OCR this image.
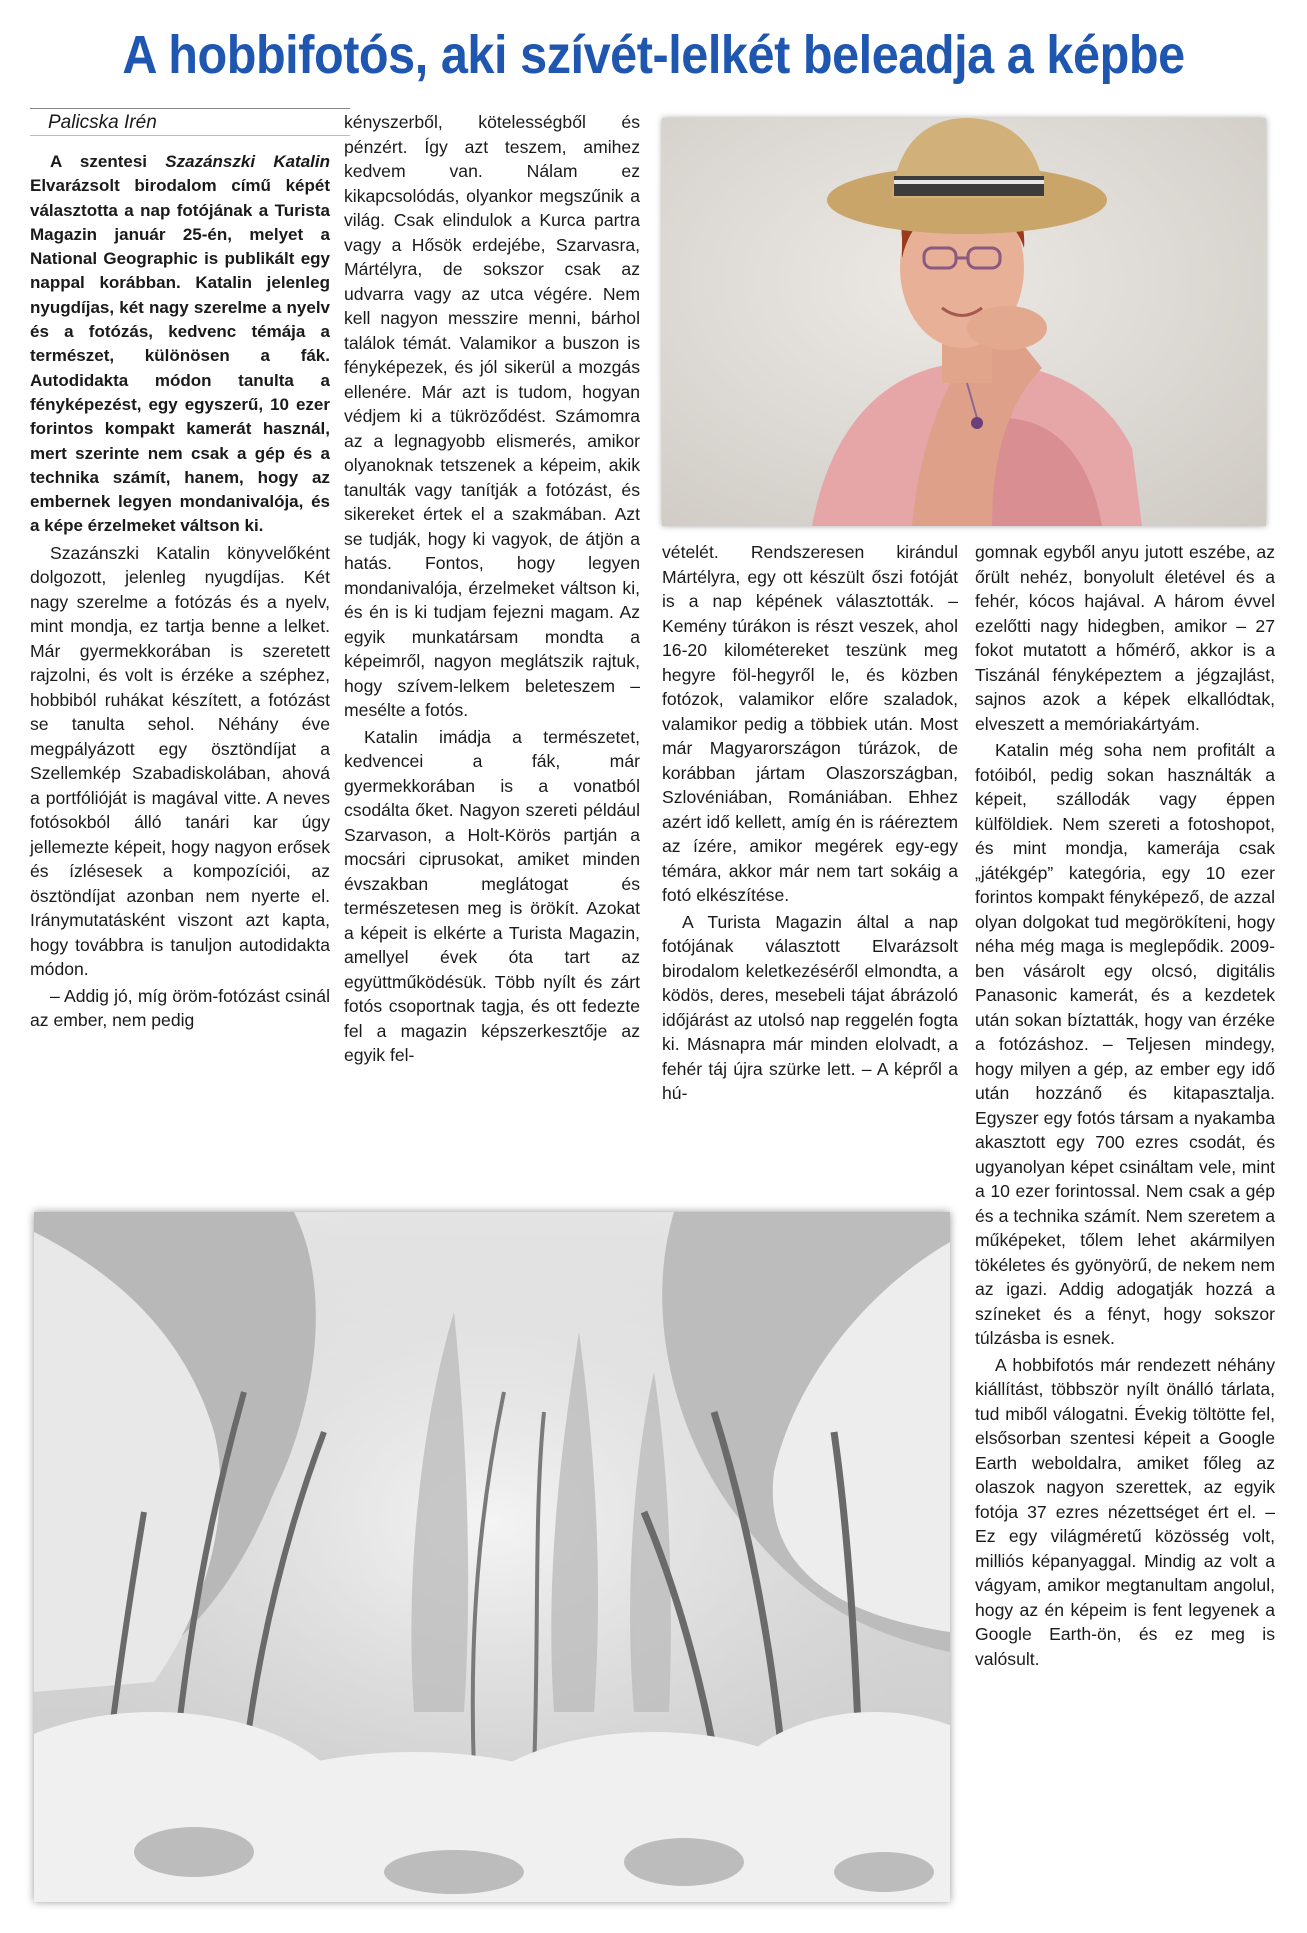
A hobbifotós, aki szívét-lelkét beleadja a képbe
Palicska Irén

A szentesi Szazánszki Katalin Elvarázsolt birodalom című képét választotta a nap fotójának a Turista Magazin január 25-én, melyet a National Geographic is publikált egy nappal korábban. Katalin jelenleg nyugdíjas, két nagy szerelme a nyelv és a fotózás, kedvenc témája a természet, különösen a fák. Autodidakta módon tanulta a fényképezést, egy egyszerű, 10 ezer forintos kompakt kamerát használ, mert szerinte nem csak a gép és a technika számít, hanem, hogy az embernek legyen mondanivalója, és a képe érzelmeket váltson ki.

Szazánszki Katalin könyvelőként dolgozott, jelenleg nyugdíjas. Két nagy szerelme a fotózás és a nyelv, mint mondja, ez tartja benne a lelket. Már gyermekkorában is szeretett rajzolni, és volt is érzéke a széphez, hobbiból ruhákat készített, a fotózást se tanulta sehol. Néhány éve megpályázott egy ösztöndíjat a Szellemkép Szabadiskolában, ahová a portfólióját is magával vitte. A neves fotósokból álló tanári kar úgy jellemezte képeit, hogy nagyon erősek és ízlésesek a kompozíciói, az ösztöndíjat azonban nem nyerte el. Iránymutatásként viszont azt kapta, hogy továbbra is tanuljon autodidakta módon.

– Addig jó, míg öröm-fotózást csinál az ember, nem pedig

kényszerből, kötelességből és pénzért. Így azt teszem, amihez kedvem van. Nálam ez kikapcsolódás, olyankor megszűnik a világ. Csak elindulok a Kurca partra vagy a Hősök erdejébe, Szarvasra, Mártélyra, de sokszor csak az udvarra vagy az utca végére. Nem kell nagyon messzire menni, bárhol találok témát. Valamikor a buszon is fényképezek, és jól sikerül a mozgás ellenére. Már azt is tudom, hogyan védjem ki a tükröződést. Számomra az a legnagyobb elismerés, amikor olyanoknak tetszenek a képeim, akik tanulták vagy tanítják a fotózást, és sikereket értek el a szakmában. Azt se tudják, hogy ki vagyok, de átjön a hatás. Fontos, hogy legyen mondanivalója, érzelmeket váltson ki, és én is ki tudjam fejezni magam. Az egyik munkatársam mondta a képeimről, nagyon meglátszik rajtuk, hogy szívem-lelkem beleteszem – mesélte a fotós.

Katalin imádja a természetet, kedvencei a fák, már gyermekkorában is a vonatból csodálta őket. Nagyon szereti például Szarvason, a Holt-Körös partján a mocsári ciprusokat, amiket minden évszakban meglátogat és természetesen meg is örökít. Azokat a képeit is elkérte a Turista Magazin, amellyel évek óta tart az együttműködésük. Több nyílt és zárt fotós csoportnak tagja, és ott fedezte fel a magazin képszerkesztője az egyik fel-

vételét. Rendszeresen kirándul Mártélyra, egy ott készült őszi fotóját is a nap képének választották. – Kemény túrákon is részt veszek, ahol 16-20 kilométereket teszünk meg hegyre föl-hegyről le, és közben fotózok, valamikor előre szaladok, valamikor pedig a többiek után. Most már Magyarországon túrázok, de korábban jártam Olaszországban, Szlovéniában, Romániában. Ehhez azért idő kellett, amíg én is ráéreztem az ízére, amikor megérek egy-egy témára, akkor már nem tart sokáig a fotó elkészítése.

A Turista Magazin által a nap fotójának választott Elvarázsolt birodalom keletkezéséről elmondta, a ködös, deres, mesebeli tájat ábrázoló időjárást az utolsó nap reggelén fogta ki. Másnapra már minden elolvadt, a fehér táj újra szürke lett. – A képről a hú-

gomnak egyből anyu jutott eszébe, az őrült nehéz, bonyolult életével és a fehér, kócos hajával. A három évvel ezelőtti nagy hidegben, amikor – 27 fokot mutatott a hőmérő, akkor is a Tiszánál fényképeztem a jégzajlást, sajnos azok a képek elkallódtak, elveszett a memóriakártyám.

Katalin még soha nem profitált a fotóiból, pedig sokan használták a képeit, szállodák vagy éppen külföldiek. Nem szereti a fotoshopot, és mint mondja, kamerája csak „játékgép” kategória, egy 10 ezer forintos kompakt fényképező, de azzal olyan dolgokat tud megörökíteni, hogy néha még maga is meglepődik. 2009-ben vásárolt egy olcsó, digitális Panasonic kamerát, és a kezdetek után sokan bíztatták, hogy van érzéke a fotózáshoz. – Teljesen mindegy, hogy milyen a gép, az ember egy idő után hozzánő és kitapasztalja. Egyszer egy fotós társam a nyakamba akasztott egy 700 ezres csodát, és ugyanolyan képet csináltam vele, mint a 10 ezer forintossal. Nem csak a gép és a technika számít. Nem szeretem a műképeket, tőlem lehet akármilyen tökéletes és gyönyörű, de nekem nem az igazi. Addig adogatják hozzá a színeket és a fényt, hogy sokszor túlzásba is esnek.

A hobbifotós már rendezett néhány kiállítást, többször nyílt önálló tárlata, tud miből válogatni. Évekig töltötte fel, elsősorban szentesi képeit a Google Earth weboldalra, amiket főleg az olaszok nagyon szerettek, az egyik fotója 37 ezres nézettséget ért el. – Ez egy világméretű közösség volt, milliós képanyaggal. Mindig az volt a vágyam, amikor megtanultam angolul, hogy az én képeim is fent legyenek a Google Earth-ön, és ez meg is valósult.
